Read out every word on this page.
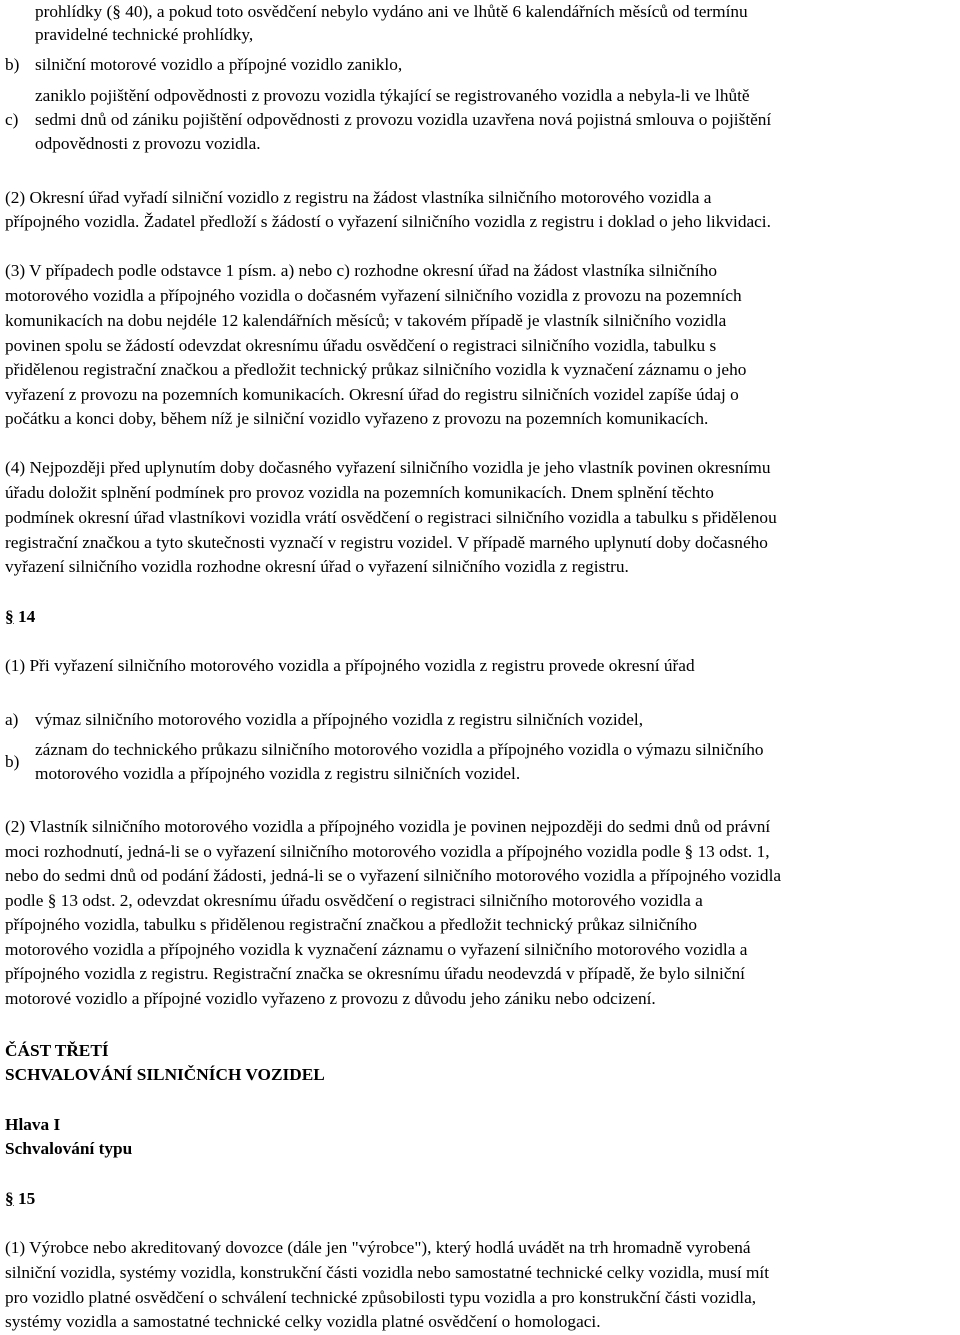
prohlídky (§ 40), a pokud toto osvědčení nebylo vydáno ani ve lhůtě 6 kalendářních měsíců od termínu
pravidelné technické prohlídky,
b) silniční motorové vozidlo a přípojné vozidlo zaniklo,
zaniklo pojištění odpovědnosti z provozu vozidla týkající se registrovaného vozidla a nebyla-li ve lhůtě
c) sedmi dnů od zániku pojištění odpovědnosti z provozu vozidla uzavřena nová pojistná smlouva o pojištění
odpovědnosti z provozu vozidla.
(2) Okresní úřad vyřadí silniční vozidlo z registru na žádost vlastníka silničního motorového vozidla a
přípojného vozidla. Žadatel předloží s žádostí o vyřazení silničního vozidla z registru i doklad o jeho likvidaci.
(3) V případech podle odstavce 1 písm. a) nebo c) rozhodne okresní úřad na žádost vlastníka silničního
motorového vozidla a přípojného vozidla o dočasném vyřazení silničního vozidla z provozu na pozemních
komunikacích na dobu nejdéle 12 kalendářních měsíců; v takovém případě je vlastník silničního vozidla
povinen spolu se žádostí odevzdat okresnímu úřadu osvědčení o registraci silničního vozidla, tabulku s
přidělenou registrační značkou a předložit technický průkaz silničního vozidla k vyznačení záznamu o jeho
vyřazení z provozu na pozemních komunikacích. Okresní úřad do registru silničních vozidel zapíše údaj o
počátku a konci doby, během níž je silniční vozidlo vyřazeno z provozu na pozemních komunikacích.
(4) Nejpozději před uplynutím doby dočasného vyřazení silničního vozidla je jeho vlastník povinen okresnímu
úřadu doložit splnění podmínek pro provoz vozidla na pozemních komunikacích. Dnem splnění těchto
podmínek okresní úřad vlastníkovi vozidla vrátí osvědčení o registraci silničního vozidla a tabulku s přidělenou
registrační značkou a tyto skutečnosti vyznačí v registru vozidel. V případě marného uplynutí doby dočasného
vyřazení silničního vozidla rozhodne okresní úřad o vyřazení silničního vozidla z registru.
§ 14
(1) Při vyřazení silničního motorového vozidla a přípojného vozidla z registru provede okresní úřad
a) výmaz silničního motorového vozidla a přípojného vozidla z registru silničních vozidel,
b)
záznam do technického průkazu silničního motorového vozidla a přípojného vozidla o výmazu silničního
motorového vozidla a přípojného vozidla z registru silničních vozidel.
(2) Vlastník silničního motorového vozidla a přípojného vozidla je povinen nejpozději do sedmi dnů od právní
moci rozhodnutí, jedná-li se o vyřazení silničního motorového vozidla a přípojného vozidla podle § 13 odst. 1,
nebo do sedmi dnů od podání žádosti, jedná-li se o vyřazení silničního motorového vozidla a přípojného vozidla
podle § 13 odst. 2, odevzdat okresnímu úřadu osvědčení o registraci silničního motorového vozidla a
přípojného vozidla, tabulku s přidělenou registrační značkou a předložit technický průkaz silničního
motorového vozidla a přípojného vozidla k vyznačení záznamu o vyřazení silničního motorového vozidla a
přípojného vozidla z registru. Registrační značka se okresnímu úřadu neodevzdá v případě, že bylo silniční
motorové vozidlo a přípojné vozidlo vyřazeno z provozu z důvodu jeho zániku nebo odcizení.
ČÁST TŘETÍ
SCHVALOVÁNÍ SILNIČNÍCH VOZIDEL
Hlava I
Schvalování typu
§ 15
(1) Výrobce nebo akreditovaný dovozce (dále jen "výrobce"), který hodlá uvádět na trh hromadně vyrobená
silniční vozidla, systémy vozidla, konstrukční části vozidla nebo samostatné technické celky vozidla, musí mít
pro vozidlo platné osvědčení o schválení technické způsobilosti typu vozidla a pro konstrukční části vozidla,
systémy vozidla a samostatné technické celky vozidla platné osvědčení o homologaci.
